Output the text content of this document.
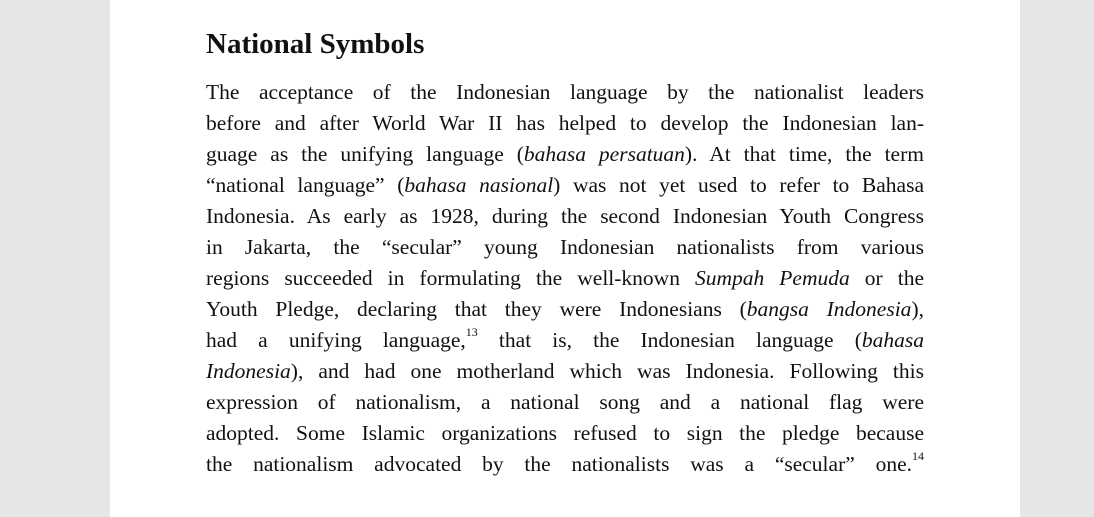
National Symbols
The acceptance of the Indonesian language by the nationalist leaders
before and after World War II has helped to develop the Indonesian lan-
guage as the unifying language (bahasa persatuan). At that time, the term
“national language” (bahasa nasional) was not yet used to refer to Bahasa
Indonesia. As early as 1928, during the second Indonesian Youth Congress
in Jakarta, the “secular” young Indonesian nationalists from various
regions succeeded in formulating the well-known Sumpah Pemuda or the
Youth Pledge, declaring that they were Indonesians (bangsa Indonesia),
had a unifying language,$^{13}$ that is, the Indonesian language (bahasa
Indonesia), and had one motherland which was Indonesia. Following this
expression of nationalism, a national song and a national flag were
adopted. Some Islamic organizations refused to sign the pledge because
the nationalism advocated by the nationalists was a “secular” one.$^{14}$
